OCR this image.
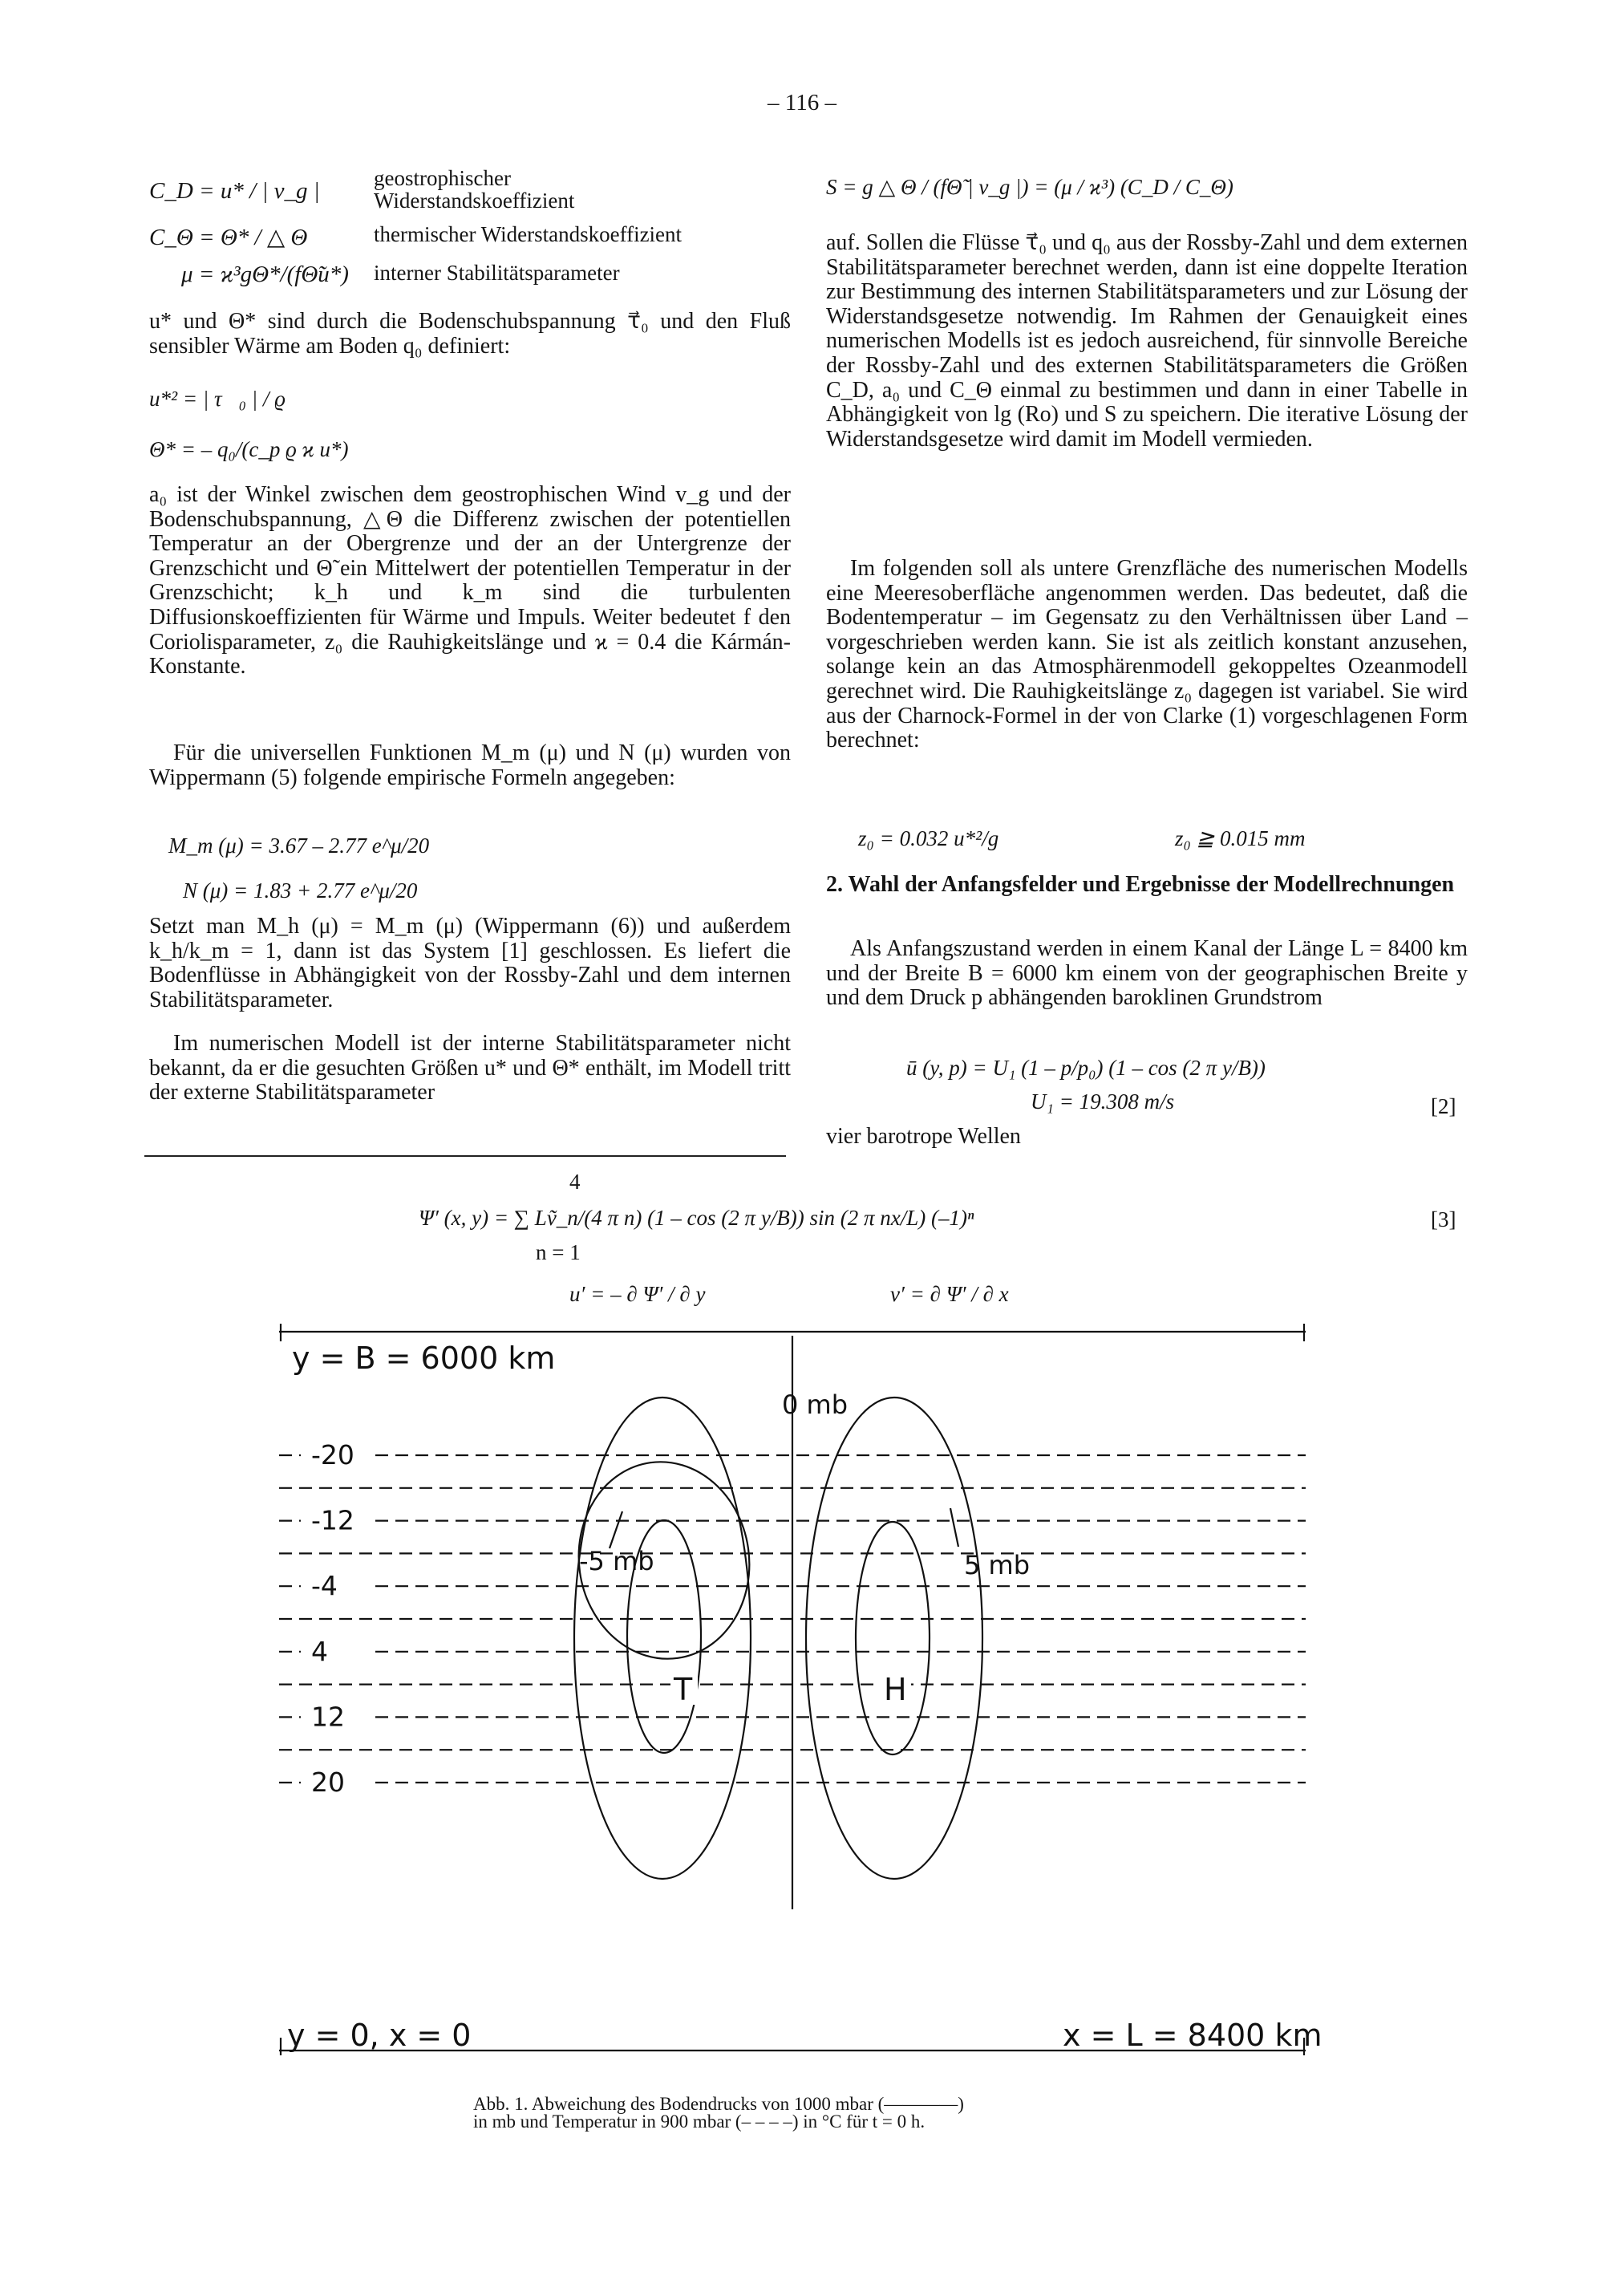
– 116 –
C_D = u* / | v_g |	geostrophischer Widerstandskoeffizient
C_Θ = Θ* / △ Θ	thermischer Widerstandskoeffizient
μ = ϰ³gΘ*/(fΘ̃u*)	interner Stabilitätsparameter

u* und Θ* sind durch die Bodenschubspannung τ⃗₀ und den Fluß sensibler Wärme am Boden q₀ definiert:

u*² = | τ⃗₀ | / ϱ
Θ* = – q₀/(c_p ϱ ϰ u*)

a₀ ist der Winkel zwischen dem geostrophischen Wind v_g und der Bodenschubspannung, △Θ die Differenz zwischen der potentiellen Temperatur an der Obergrenze und der an der Untergrenze der Grenzschicht und Θ̃ ein Mittelwert der potentiellen Temperatur in der Grenzschicht; k_h und k_m sind die turbulenten Diffusionskoeffizienten für Wärme und Impuls. Weiter bedeutet f den Coriolisparameter, z₀ die Rauhigkeitslänge und ϰ = 0.4 die Kármán-Konstante.

Für die universellen Funktionen M_m (μ) und N (μ) wurden von Wippermann (5) folgende empirische Formeln angegeben:

M_m (μ) = 3.67 – 2.77 e^μ/20
N (μ) = 1.83 + 2.77 e^μ/20

Setzt man M_h (μ) = M_m (μ) (Wippermann (6)) und außerdem k_h/k_m = 1, dann ist das System [1] geschlossen. Es liefert die Bodenflüsse in Abhängigkeit von der Rossby-Zahl und dem internen Stabilitätsparameter.

Im numerischen Modell ist der interne Stabilitätsparameter nicht bekannt, da er die gesuchten Größen u* und Θ* enthält, im Modell tritt der externe Stabilitätsparameter

S = g △ Θ / (fΘ̃ | v_g |) = (μ / ϰ³) (C_D / C_Θ)

auf. Sollen die Flüsse τ⃗₀ und q₀ aus der Rossby-Zahl und dem externen Stabilitätsparameter berechnet werden, dann ist eine doppelte Iteration zur Bestimmung des internen Stabilitätsparameters und zur Lösung der Widerstandsgesetze notwendig. Im Rahmen der Genauigkeit eines numerischen Modells ist es jedoch ausreichend, für sinnvolle Bereiche der Rossby-Zahl und des externen Stabilitätsparameters die Größen C_D, a₀ und C_Θ einmal zu bestimmen und dann in einer Tabelle in Abhängigkeit von lg (Ro) und S zu speichern. Die iterative Lösung der Widerstandsgesetze wird damit im Modell vermieden.

Im folgenden soll als untere Grenzfläche des numerischen Modells eine Meeresoberfläche angenommen werden. Das bedeutet, daß die Bodentemperatur – im Gegensatz zu den Verhältnissen über Land – vorgeschrieben werden kann. Sie ist als zeitlich konstant anzusehen, solange kein an das Atmosphärenmodell gekoppeltes Ozeanmodell gerechnet wird. Die Rauhigkeitslänge z₀ dagegen ist variabel. Sie wird aus der Charnock-Formel in der von Clarke (1) vorgeschlagenen Form berechnet:

z₀ = 0.032 u*²/g	z₀ ≧ 0.015 mm

2. Wahl der Anfangsfelder und Ergebnisse der Modellrechnungen

Als Anfangszustand werden in einem Kanal der Länge L = 8400 km und der Breite B = 6000 km einem von der geographischen Breite y und dem Druck p abhängenden baroklinen Grundstrom

ū (y, p) = U₁ (1 – p/p₀) (1 – cos (2 π y/B))
U₁ = 19.308 m/s	[2]

vier barotrope Wellen

4
Ψ′ (x, y) = ∑ Lṽ_n/(4 π n) (1 – cos (2 π y/B)) sin (2 π nx/L) (–1)ⁿ
n = 1
[3]
u′ = – ∂ Ψ′ / ∂ y	v′ = ∂ Ψ′ / ∂ x
-20
-12
-4
4
12
20
y = B = 6000 km
0 mb
-5 mb	5 mb
T	H
y = 0, x = 0	x = L = 8400 km
Abb. 1. Abweichung des Bodendrucks von 1000 mbar (————)
in mb und Temperatur in 900 mbar (– – – –) in °C für t = 0 h.
